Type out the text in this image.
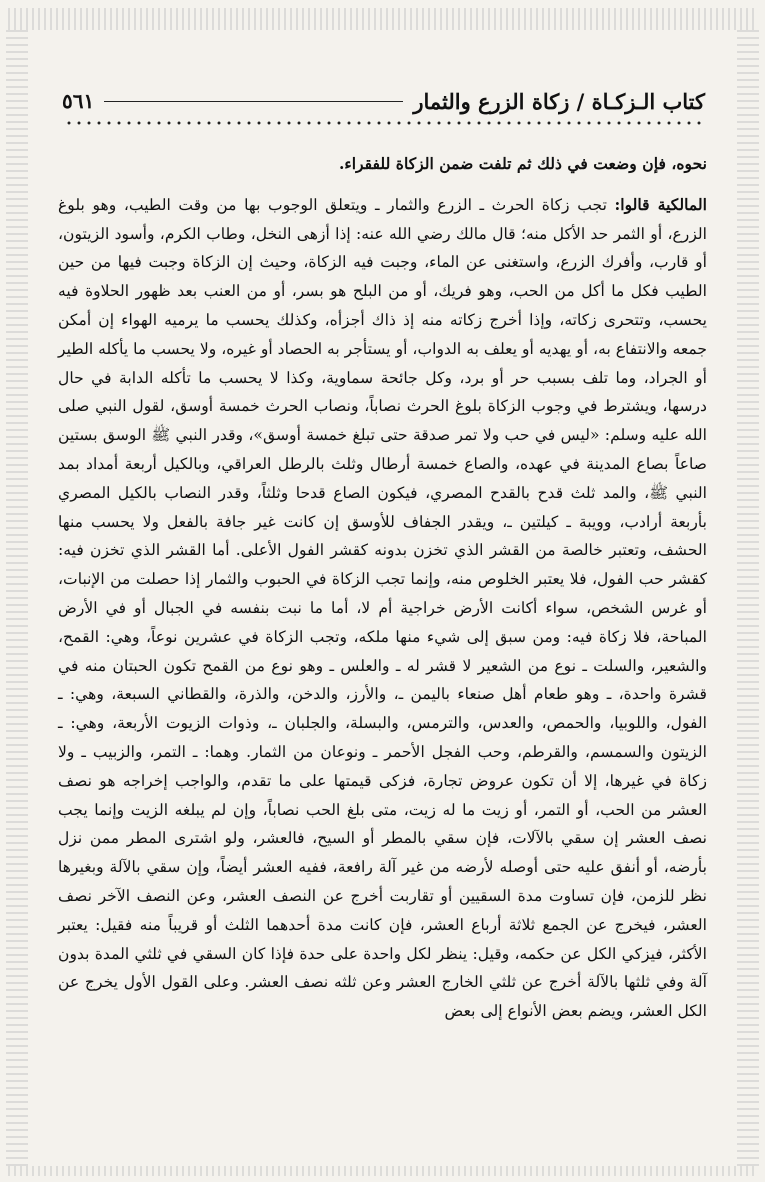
كتاب الـزكـاة / زكاة الزرع والثمار
٥٦١

نحوه، فإن وضعت في ذلك ثم تلفت ضمن الزكاة للفقراء.

المالكية قالوا: تجب زكاة الحرث ـ الزرع والثمار ـ ويتعلق الوجوب بها من وقت الطيب، وهو بلوغ الزرع، أو الثمر حد الأكل منه؛ قال مالك رضي الله عنه: إذا أزهى النخل، وطاب الكرم، وأسود الزيتون، أو قارب، وأفرك الزرع، واستغنى عن الماء، وجبت فيه الزكاة، وحيث إن الزكاة وجبت فيها من حين الطيب فكل ما أكل من الحب، وهو فريك، أو من البلح هو بسر، أو من العنب بعد ظهور الحلاوة فيه يحسب، وتتحرى زكاته، وإذا أخرج زكاته منه إذ ذاك أجزأه، وكذلك يحسب ما يرميه الهواء إن أمكن جمعه والانتفاع به، أو يهديه أو يعلف به الدواب، أو يستأجر به الحصاد أو غيره، ولا يحسب ما يأكله الطير أو الجراد، وما تلف بسبب حر أو برد، وكل جائحة سماوية، وكذا لا يحسب ما تأكله الدابة في حال درسها، ويشترط في وجوب الزكاة بلوغ الحرث نصاباً، ونصاب الحرث خمسة أوسق، لقول النبي صلى الله عليه وسلم: «ليس في حب ولا تمر صدقة حتى تبلغ خمسة أوسق»، وقدر النبي ﷺ الوسق بستين صاعاً بصاع المدينة في عهده، والصاع خمسة أرطال وثلث بالرطل العراقي، وبالكيل أربعة أمداد بمد النبي ﷺ، والمد ثلث قدح بالقدح المصري، فيكون الصاع قدحا وثلثاً، وقدر النصاب بالكيل المصري بأربعة أرادب، وويبة ـ كيلتين ـ، ويقدر الجفاف للأوسق إن كانت غير جافة بالفعل ولا يحسب منها الحشف، وتعتبر خالصة من القشر الذي تخزن بدونه كقشر الفول الأعلى. أما القشر الذي تخزن فيه: كقشر حب الفول، فلا يعتبر الخلوص منه، وإنما تجب الزكاة في الحبوب والثمار إذا حصلت من الإنبات، أو غرس الشخص، سواء أكانت الأرض خراجية أم لا، أما ما نبت بنفسه في الجبال أو في الأرض المباحة، فلا زكاة فيه: ومن سبق إلى شيء منها ملكه، وتجب الزكاة في عشرين نوعاً، وهي: القمح، والشعير، والسلت ـ نوع من الشعير لا قشر له ـ والعلس ـ وهو نوع من القمح تكون الحبتان منه في قشرة واحدة، ـ وهو طعام أهل صنعاء باليمن ـ، والأرز، والدخن، والذرة، والقطاني السبعة، وهي: ـ الفول، واللوبيا، والحمص، والعدس، والترمس، والبسلة، والجلبان ـ، وذوات الزيوت الأربعة، وهي: ـ الزيتون والسمسم، والقرطم، وحب الفجل الأحمر ـ ونوعان من الثمار. وهما: ـ التمر، والزبيب ـ ولا زكاة في غيرها، إلا أن تكون عروض تجارة، فزكى قيمتها على ما تقدم، والواجب إخراجه هو نصف العشر من الحب، أو التمر، أو زيت ما له زيت، متى بلغ الحب نصاباً، وإن لم يبلغه الزيت وإنما يجب نصف العشر إن سقي بالآلات، فإن سقي بالمطر أو السيح، فالعشر، ولو اشترى المطر ممن نزل بأرضه، أو أنفق عليه حتى أوصله لأرضه من غير آلة رافعة، ففيه العشر أيضاً، وإن سقي بالآلة وبغيرها نظر للزمن، فإن تساوت مدة السقيين أو تقاربت أخرج عن النصف العشر، وعن النصف الآخر نصف العشر، فيخرج عن الجمع ثلاثة أرباع العشر، فإن كانت مدة أحدهما الثلث أو قريباً منه فقيل: يعتبر الأكثر، فيزكي الكل عن حكمه، وقيل: ينظر لكل واحدة على حدة فإذا كان السقي في ثلثي المدة بدون آلة وفي ثلثها بالآلة أخرج عن ثلثي الخارج العشر وعن ثلثه نصف العشر. وعلى القول الأول يخرج عن الكل العشر، ويضم بعض الأنواع إلى بعض
